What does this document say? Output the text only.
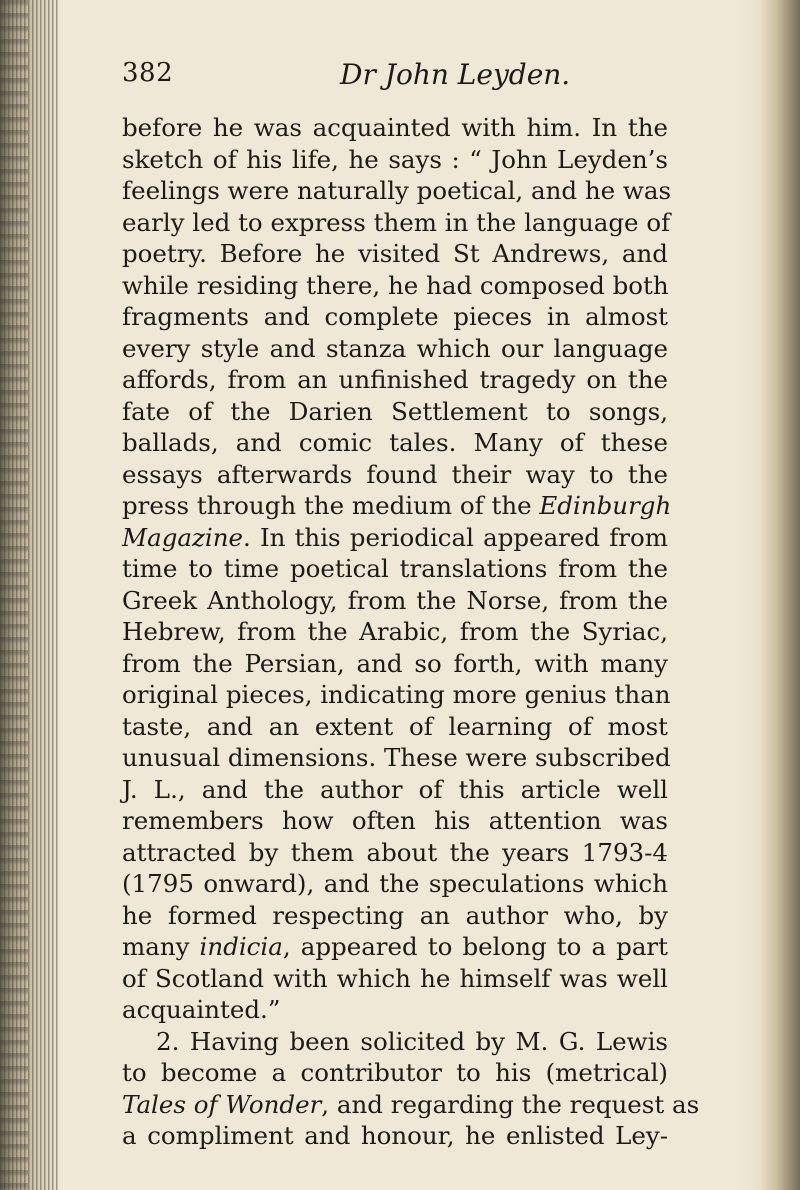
382	Dr John Leyden.
before he was acquainted with him. In the
sketch of his life, he says : “ John Leyden’s
feelings were naturally poetical, and he was
early led to express them in the language of
poetry. Before he visited St Andrews, and
while residing there, he had composed both
fragments and complete pieces in almost
every style and stanza which our language
affords, from an unfinished tragedy on the
fate of the Darien Settlement to songs,
ballads, and comic tales. Many of these
essays afterwards found their way to the
press through the medium of the Edinburgh
Magazine. In this periodical appeared from
time to time poetical translations from the
Greek Anthology, from the Norse, from the
Hebrew, from the Arabic, from the Syriac,
from the Persian, and so forth, with many
original pieces, indicating more genius than
taste, and an extent of learning of most
unusual dimensions. These were subscribed
J. L., and the author of this article well
remembers how often his attention was
attracted by them about the years 1793-4
(1795 onward), and the speculations which
he formed respecting an author who, by
many indicia, appeared to belong to a part
of Scotland with which he himself was well
acquainted.”
2. Having been solicited by M. G. Lewis
to become a contributor to his (metrical)
Tales of Wonder, and regarding the request as
a compliment and honour, he enlisted Ley-
